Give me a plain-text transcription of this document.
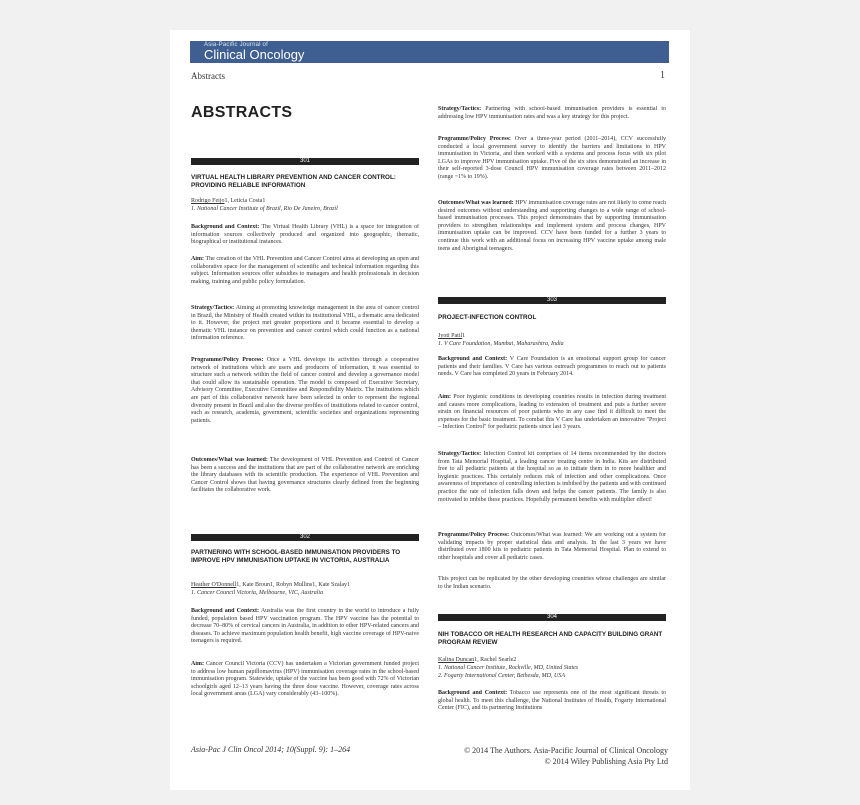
Asia-Pacific Journal of
Clinical Oncology
Abstracts	1
ABSTRACTS
301
VIRTUAL HEALTH LIBRARY PREVENTION AND CANCER CONTROL: PROVIDING RELIABLE INFORMATION
Rodrigo Feijo1, Leticia Costa1
1. National Cancer Institute of Brazil, Rio De Janeiro, Brazil
Background and Context: The Virtual Health Library (VHL) is a space for integration of information sources collectively produced and organized into geographic, thematic, biographical or institutional instances.
Aim: The creation of the VHL Prevention and Cancer Control aims at developing an open and collaborative space for the management of scientific and technical information regarding this subject. Information sources offer subsidies to managers and health professionals in decision making, training and public policy formulation.
Strategy/Tactics: Aiming at promoting knowledge management in the area of cancer control in Brazil, the Ministry of Health created within its institutional VHL, a thematic area dedicated to it. However, the project met greater proportions and it became essential to develop a thematic VHL instance on prevention and cancer control which could function as a national information reference.
Programme/Policy Process: Once a VHL develops its activities through a cooperative network of institutions which are users and producers of information, it was essential to structure such a network within the field of cancer control and develop a governance model that could allow its sustainable operation. The model is composed of Executive Secretary, Advisory Committee, Executive Committee and Responsibility Matrix. The institutions which are part of this collaborative network have been selected in order to represent the regional diversity present in Brazil and also the diverse profiles of institutions related to cancer control, such as research, academia, government, scientific societies and organizations representing patients.
Outcomes/What was learned: The development of VHL Prevention and Control of Cancer has been a success and the institutions that are part of the collaborative network are enriching the library databases with its scientific production. The experience of VHL Prevention and Cancer Control shows that having governance structures clearly defined from the beginning facilitates the collaborative work.
302
PARTNERING WITH SCHOOL-BASED IMMUNISATION PROVIDERS TO IMPROVE HPV IMMUNISATION UPTAKE IN VICTORIA, AUSTRALIA
Heather O'Donnell1, Kate Broun1, Robyn Mullins1, Kate Szalay1
1. Cancer Council Victoria, Melbourne, VIC, Australia
Background and Context: Australia was the first country in the world to introduce a fully funded, population based HPV vaccination program. The HPV vaccine has the potential to decrease 70–80% of cervical cancers in Australia, in addition to other HPV-related cancers and diseases. To achieve maximum population health benefit, high vaccine coverage of HPV-naive teenagers is required.
Aim: Cancer Council Victoria (CCV) has undertaken a Victorian government funded project to address low human papillomavirus (HPV) immunisation coverage rates in the school-based immunisation program. Statewide, uptake of the vaccine has been good with 72% of Victorian schoolgirls aged 12–13 years having the three dose vaccine. However, coverage rates across local government areas (LGA) vary considerably (43–100%).
Strategy/Tactics: Partnering with school-based immunisation providers is essential to addressing low HPV immunisation rates and was a key strategy for this project.
Programme/Policy Process: Over a three-year period (2011–2014), CCV successfully conducted a local government survey to identify the barriers and limitations to HPV immunisation in Victoria, and then worked with a systems and process focus with six pilot LGAs to improve HPV immunisation uptake. Five of the six sites demonstrated an increase in their self-reported 3-dose Council HPV immunisation coverage rates between 2011–2012 (range ~1% to 19%).
Outcomes/What was learned: HPV immunisation coverage rates are not likely to come reach desired outcomes without understanding and supporting changes to a wide range of school-based immunisation processes. This project demonstrates that by supporting immunisation providers to strengthen relationships and implement system and process changes, HPV immunisation uptake can be improved. CCV have been funded for a further 3 years to continue this work with an additional focus on increasing HPV vaccine uptake among male teens and Aboriginal teenagers.
303
PROJECT-INFECTION CONTROL
Jyoti Patil1
1. V Care Foundation, Mumbai, Maharashtra, India
Background and Context: V Care Foundation is an emotional support group for cancer patients and their families. V Care has various outreach programmes to reach out to patients needs. V Care has completed 20 years in February 2014.
Aim: Poor hygienic conditions in developing countries results in infection during treatment and causes more complications, leading to extension of treatment and puts a further severe strain on financial resources of poor patients who in any case find it difficult to meet the expenses for the basic treatment. To combat this V Care has undertaken an innovative "Project – Infection Control" for pediatric patients since last 3 years.
Strategy/Tactics: Infection Control kit comprises of 14 items recommended by the doctors from Tata Memorial Hospital, a leading cancer treating centre in India. Kits are distributed free to all pediatric patients at the hospital so as to initiate them in to more healthier and hygienic practices. This certainly reduces risk of infection and other complications. Once awareness of importance of controlling infection is imbibed by the patients and with continued practice the rate of infection falls down and helps the cancer patients. The family is also motivated to imbibe these practices. Hopefully permanent benefits with multiplier effect!
Programme/Policy Process: Outcomes/What was learned: We are working out a system for validating impacts by proper statistical data and analysis. In the last 3 years we have distributed over 1800 kits to pediatric patients in Tata Memorial Hospital. Plan to extend to other hospitals and cover all pediatric cases.
This project can be replicated by the other developing countries whose challenges are similar to the Indian scenario.
304
NIH TOBACCO OR HEALTH RESEARCH AND CAPACITY BUILDING GRANT PROGRAM REVIEW
Kalina Duncan1, Rachel Searle2
1. National Cancer Institute, Rockville, MD, United States
2. Fogarty International Center, Bethesda, MD, USA
Background and Context: Tobacco use represents one of the most significant threats to global health. To meet this challenge, the National Institutes of Health, Fogarty International Center (FIC), and its partnering Institutions
Asia-Pac J Clin Oncol 2014; 10(Suppl. 9): 1–264	© 2014 The Authors. Asia-Pacific Journal of Clinical Oncology
© 2014 Wiley Publishing Asia Pty Ltd
